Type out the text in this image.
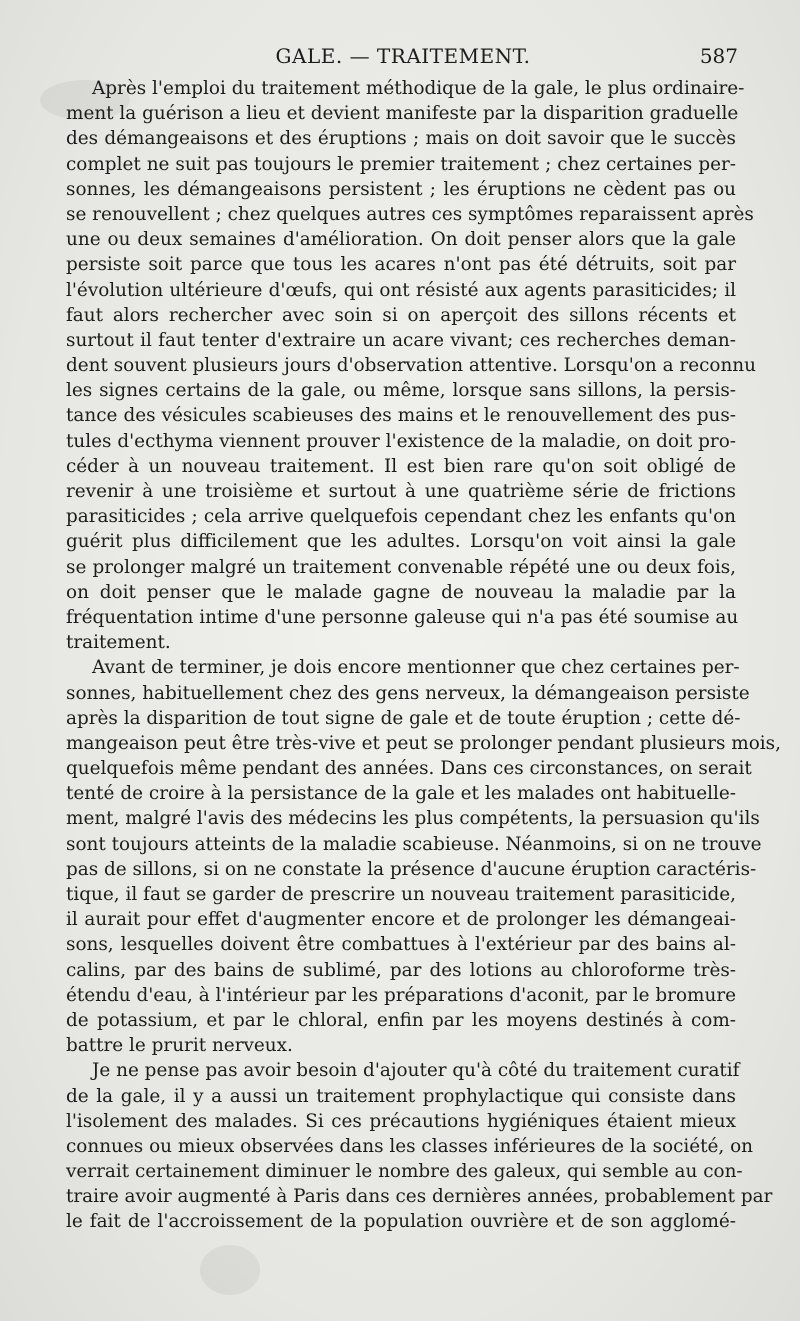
GALE. — TRAITEMENT.	587
Après l'emploi du traitement méthodique de la gale, le plus ordinaire-
ment la guérison a lieu et devient manifeste par la disparition graduelle
des démangeaisons et des éruptions ; mais on doit savoir que le succès
complet ne suit pas toujours le premier traitement ; chez certaines per-
sonnes, les démangeaisons persistent ; les éruptions ne cèdent pas ou
se renouvellent ; chez quelques autres ces symptômes reparaissent après
une ou deux semaines d'amélioration. On doit penser alors que la gale
persiste soit parce que tous les acares n'ont pas été détruits, soit par
l'évolution ultérieure d'œufs, qui ont résisté aux agents parasiticides; il
faut alors rechercher avec soin si on aperçoit des sillons récents et
surtout il faut tenter d'extraire un acare vivant; ces recherches deman-
dent souvent plusieurs jours d'observation attentive. Lorsqu'on a reconnu
les signes certains de la gale, ou même, lorsque sans sillons, la persis-
tance des vésicules scabieuses des mains et le renouvellement des pus-
tules d'ecthyma viennent prouver l'existence de la maladie, on doit pro-
céder à un nouveau traitement. Il est bien rare qu'on soit obligé de
revenir à une troisième et surtout à une quatrième série de frictions
parasiticides ; cela arrive quelquefois cependant chez les enfants qu'on
guérit plus difficilement que les adultes. Lorsqu'on voit ainsi la gale
se prolonger malgré un traitement convenable répété une ou deux fois,
on doit penser que le malade gagne de nouveau la maladie par la
fréquentation intime d'une personne galeuse qui n'a pas été soumise au
traitement.
Avant de terminer, je dois encore mentionner que chez certaines per-
sonnes, habituellement chez des gens nerveux, la démangeaison persiste
après la disparition de tout signe de gale et de toute éruption ; cette dé-
mangeaison peut être très-vive et peut se prolonger pendant plusieurs mois,
quelquefois même pendant des années. Dans ces circonstances, on serait
tenté de croire à la persistance de la gale et les malades ont habituelle-
ment, malgré l'avis des médecins les plus compétents, la persuasion qu'ils
sont toujours atteints de la maladie scabieuse. Néanmoins, si on ne trouve
pas de sillons, si on ne constate la présence d'aucune éruption caractéris-
tique, il faut se garder de prescrire un nouveau traitement parasiticide,
il aurait pour effet d'augmenter encore et de prolonger les démangeai-
sons, lesquelles doivent être combattues à l'extérieur par des bains al-
calins, par des bains de sublimé, par des lotions au chloroforme très-
étendu d'eau, à l'intérieur par les préparations d'aconit, par le bromure
de potassium, et par le chloral, enfin par les moyens destinés à com-
battre le prurit nerveux.
Je ne pense pas avoir besoin d'ajouter qu'à côté du traitement curatif
de la gale, il y a aussi un traitement prophylactique qui consiste dans
l'isolement des malades. Si ces précautions hygiéniques étaient mieux
connues ou mieux observées dans les classes inférieures de la société, on
verrait certainement diminuer le nombre des galeux, qui semble au con-
traire avoir augmenté à Paris dans ces dernières années, probablement par
le fait de l'accroissement de la population ouvrière et de son agglomé-
